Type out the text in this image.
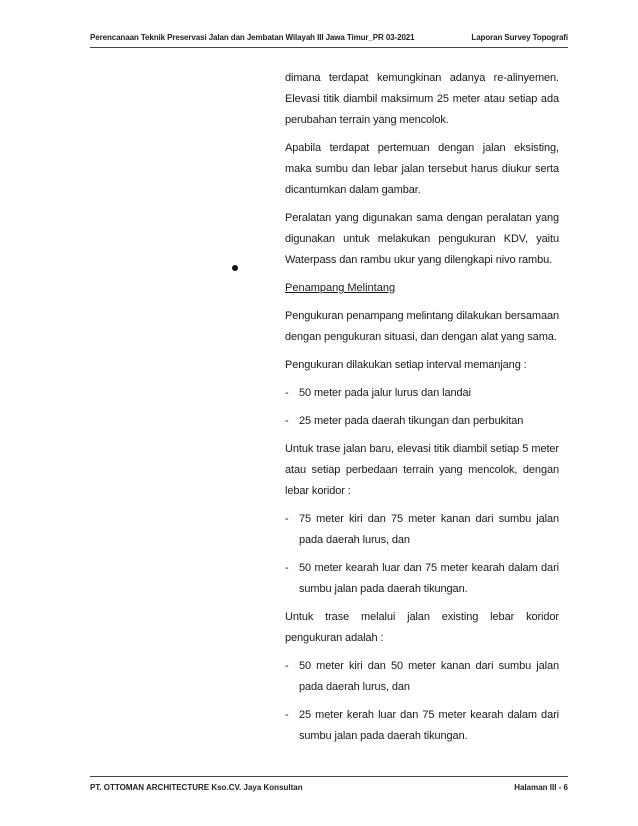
Perencanaan Teknik Preservasi Jalan dan Jembatan Wilayah III Jawa Timur_PR 03-2021	Laporan Survey Topografi

dimana terdapat kemungkinan adanya re-alinyemen. Elevasi titik diambil maksimum 25 meter atau setiap ada perubahan terrain yang mencolok.

Apabila terdapat pertemuan dengan jalan eksisting, maka sumbu dan lebar jalan tersebut harus diukur serta dicantumkan dalam gambar.

Peralatan yang digunakan sama dengan peralatan yang digunakan untuk melakukan pengukuran KDV, yaitu Waterpass dan rambu ukur yang dilengkapi nivo rambu.

Penampang Melintang

Pengukuran penampang melintang dilakukan bersamaan dengan pengukuran situasi, dan dengan alat yang sama.

Pengukuran dilakukan setiap interval memanjang :

- 50 meter pada jalur lurus dan landai
- 25 meter pada daerah tikungan dan perbukitan

Untuk trase jalan baru, elevasi titik diambil setiap 5 meter atau setiap perbedaan terrain yang mencolok, dengan lebar koridor :

- 75 meter kiri dan 75 meter kanan dari sumbu jalan pada daerah lurus, dan
- 50 meter kearah luar dan 75 meter kearah dalam dari sumbu jalan pada daerah tikungan.

Untuk trase melalui jalan existing lebar koridor pengukuran adalah :

- 50 meter kiri dan 50 meter kanan dari sumbu jalan pada daerah lurus, dan
- 25 meter kerah luar dan 75 meter kearah dalam dari sumbu jalan pada daerah tikungan.
PT. OTTOMAN ARCHITECTURE Kso.CV. Jaya Konsultan	Halaman III - 6
